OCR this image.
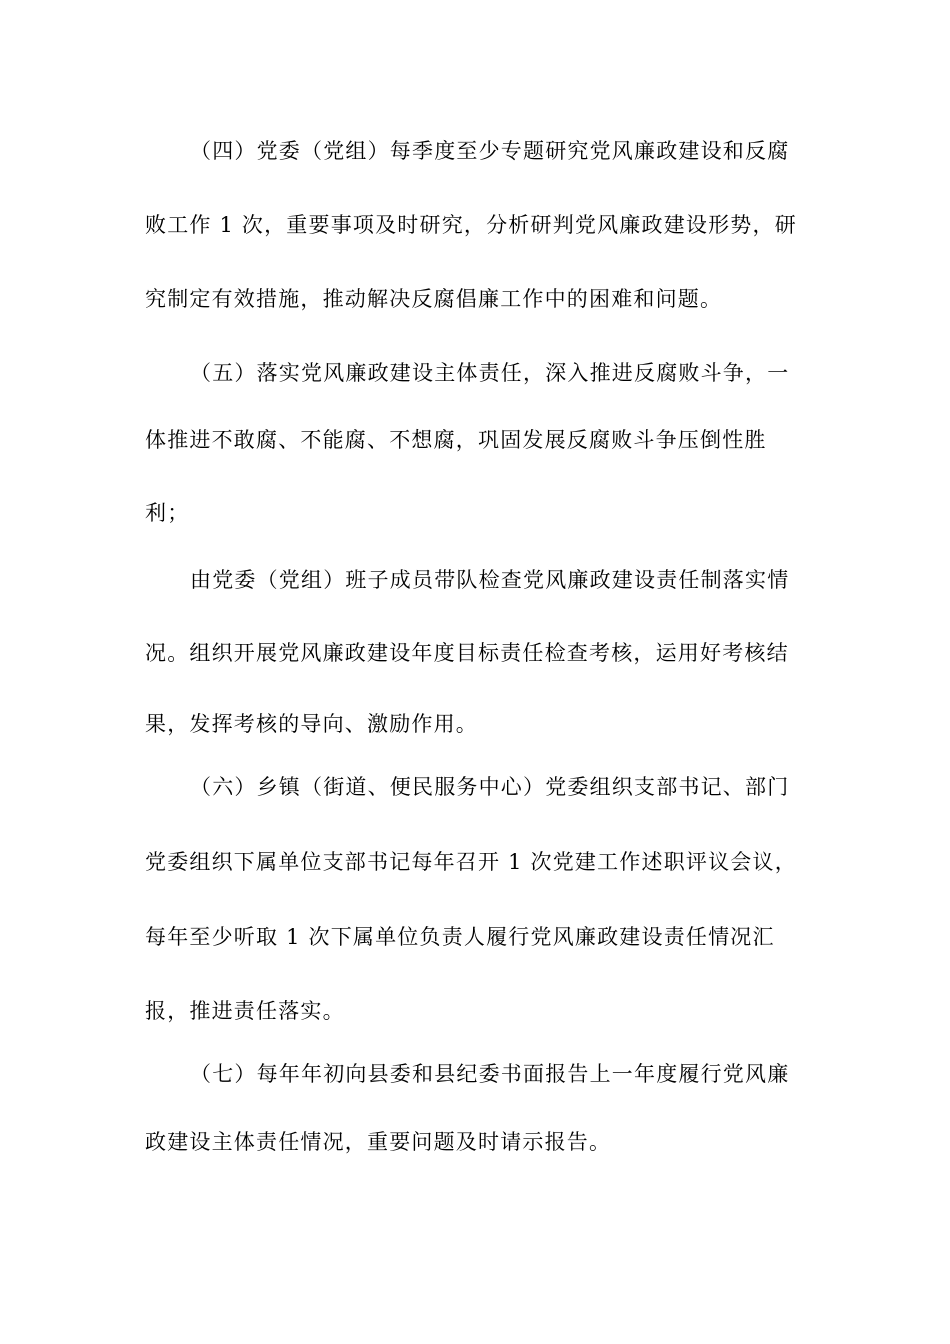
（四）党委（党组）每季度至少专题研究党风廉政建设和反腐
败工作 1 次，重要事项及时研究，分析研判党风廉政建设形势，研
究制定有效措施，推动解决反腐倡廉工作中的困难和问题。
（五）落实党风廉政建设主体责任，深入推进反腐败斗争，一
体推进不敢腐、不能腐、不想腐，巩固发展反腐败斗争压倒性胜
利；
由党委（党组）班子成员带队检查党风廉政建设责任制落实情
况。组织开展党风廉政建设年度目标责任检查考核，运用好考核结
果，发挥考核的导向、激励作用。
（六）乡镇（街道、便民服务中心）党委组织支部书记、部门
党委组织下属单位支部书记每年召开 1 次党建工作述职评议会议，
每年至少听取 1 次下属单位负责人履行党风廉政建设责任情况汇
报，推进责任落实。
（七）每年年初向县委和县纪委书面报告上一年度履行党风廉
政建设主体责任情况，重要问题及时请示报告。
